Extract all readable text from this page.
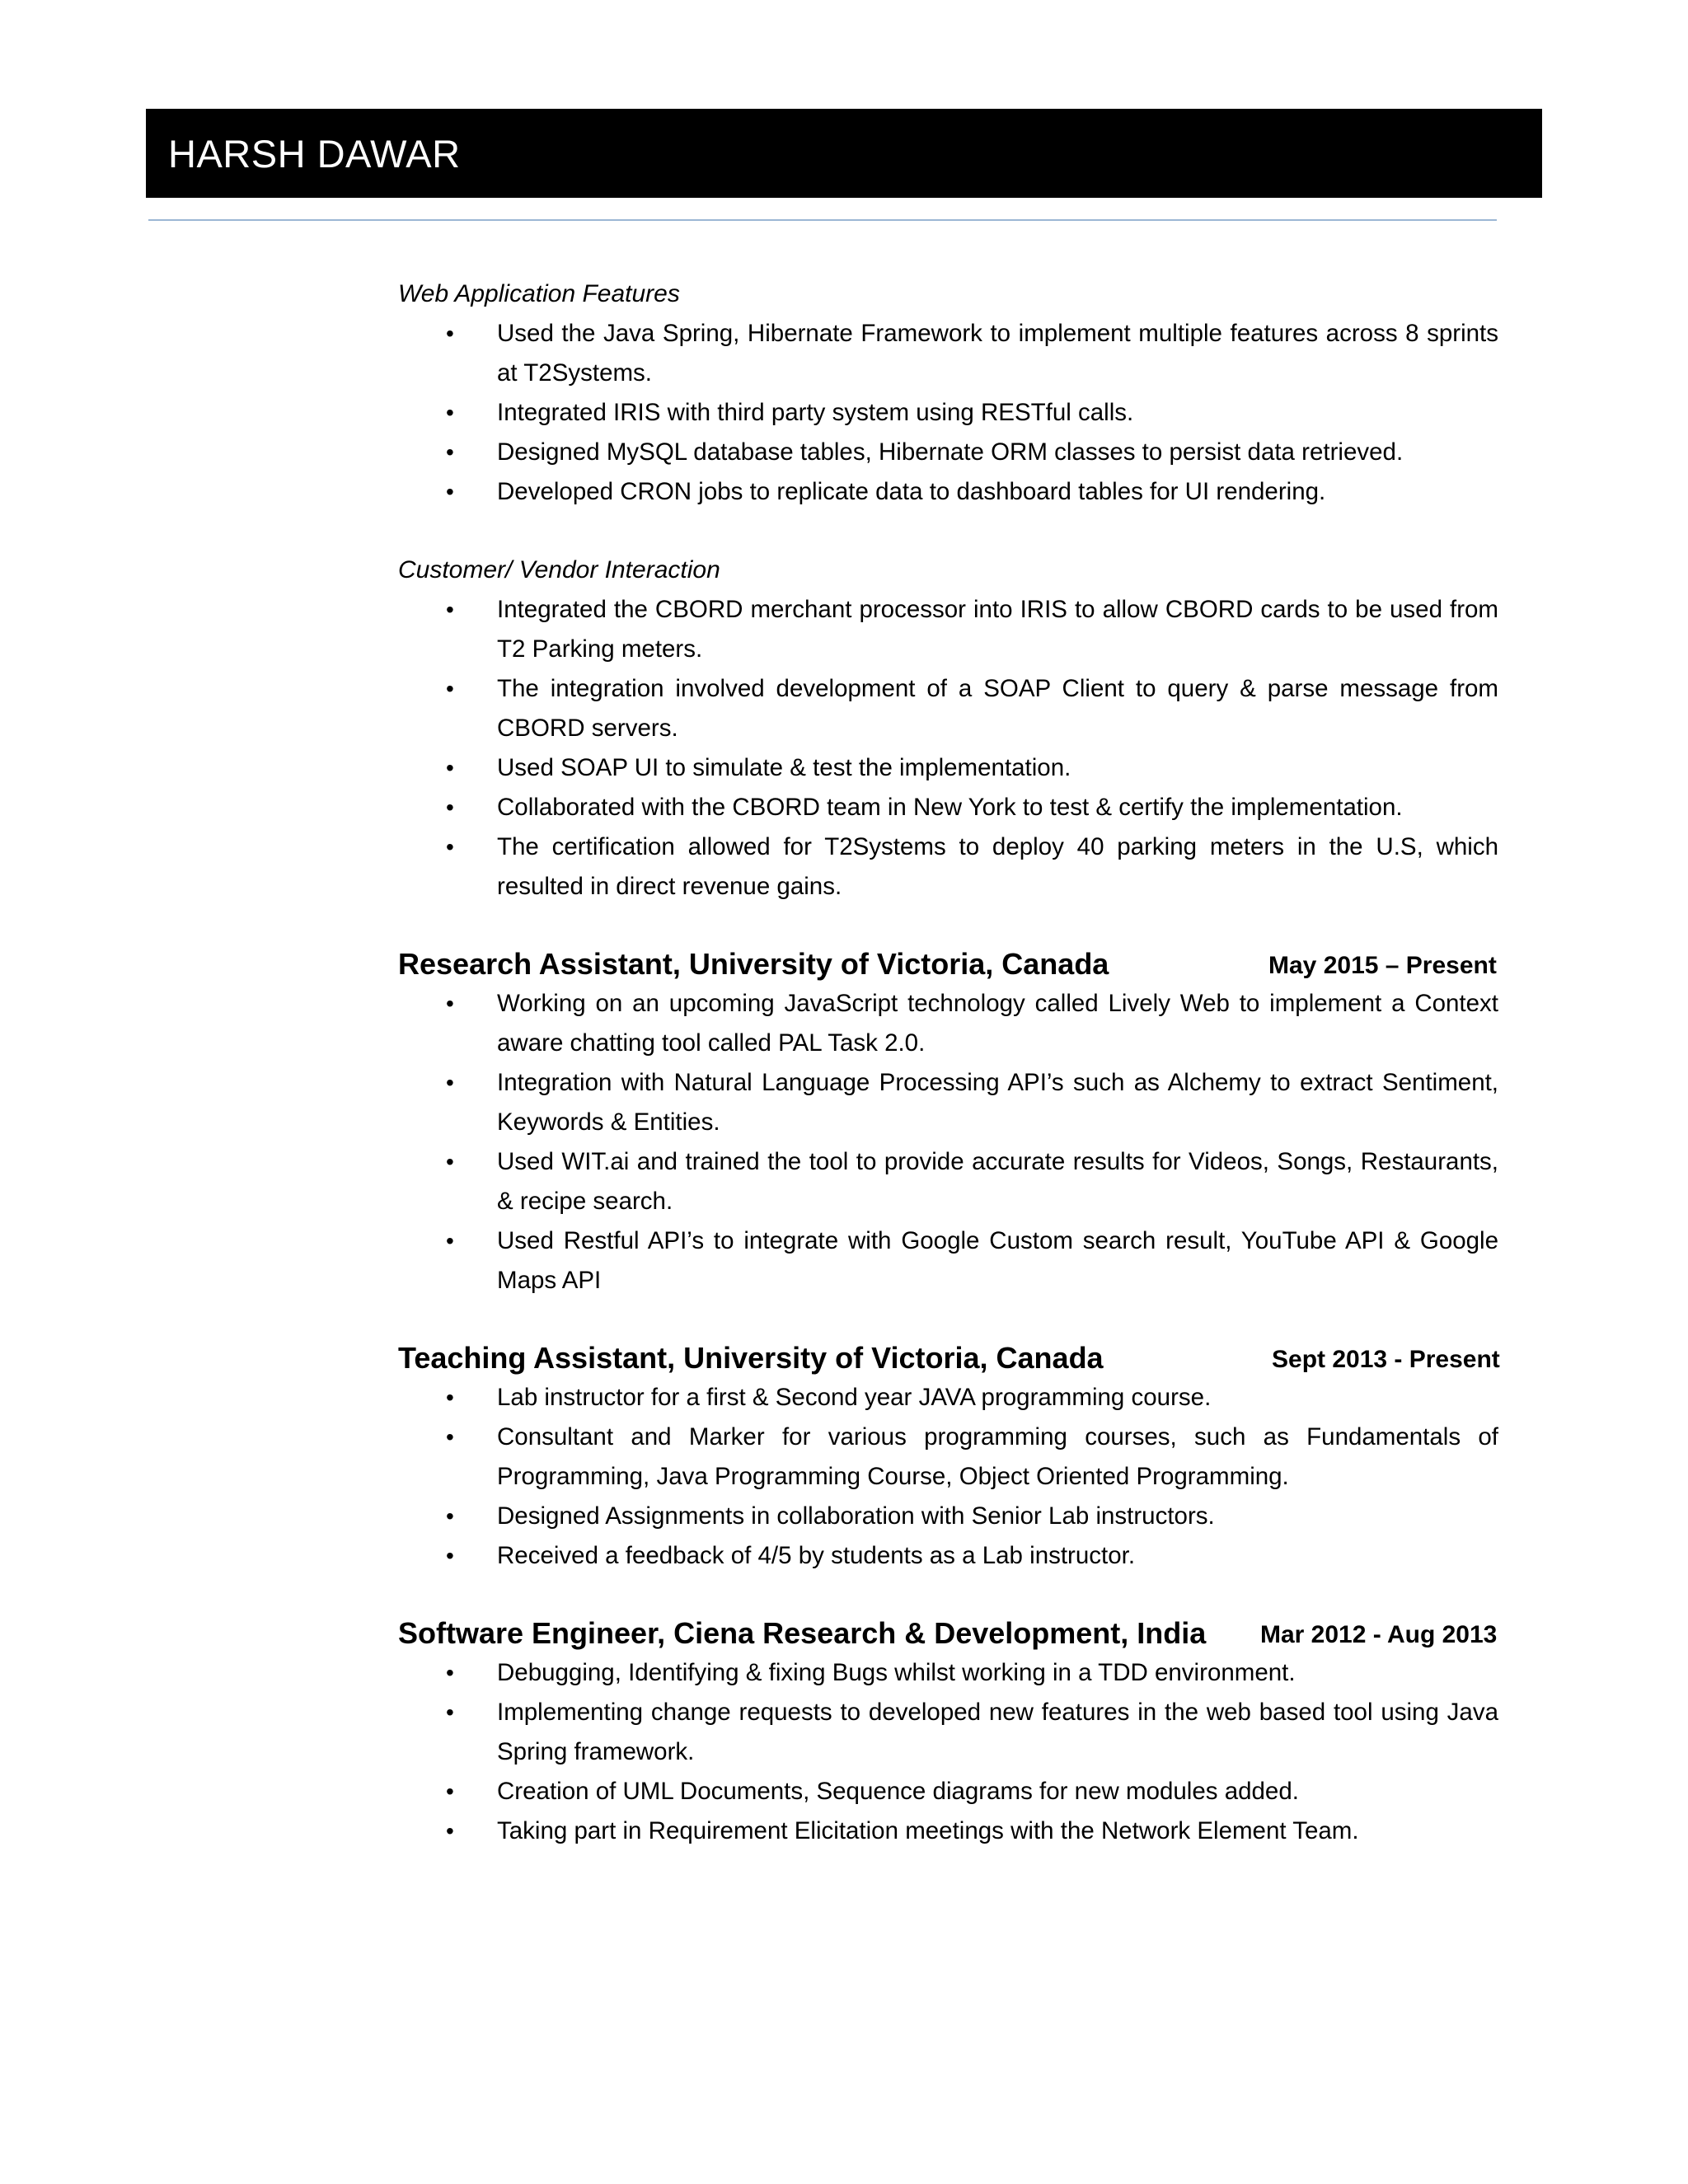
HARSH DAWAR
Web Application Features
• Used the Java Spring, Hibernate Framework to implement multiple features across 8 sprints at T2Systems.
• Integrated IRIS with third party system using RESTful calls.
• Designed MySQL database tables, Hibernate ORM classes to persist data retrieved.
• Developed CRON jobs to replicate data to dashboard tables for UI rendering.
Customer/ Vendor Interaction
• Integrated the CBORD merchant processor into IRIS to allow CBORD cards to be used from T2 Parking meters.
• The integration involved development of a SOAP Client to query & parse message from CBORD servers.
• Used SOAP UI to simulate & test the implementation.
• Collaborated with the CBORD team in New York to test & certify the implementation.
• The certification allowed for T2Systems to deploy 40 parking meters in the U.S, which resulted in direct revenue gains.
Research Assistant, University of Victoria, Canada	May 2015 – Present
• Working on an upcoming JavaScript technology called Lively Web to implement a Context aware chatting tool called PAL Task 2.0.
• Integration with Natural Language Processing API’s such as Alchemy to extract Sentiment, Keywords & Entities.
• Used WIT.ai and trained the tool to provide accurate results for Videos, Songs, Restaurants, & recipe search.
• Used Restful API’s to integrate with Google Custom search result, YouTube API & Google Maps API
Teaching Assistant, University of Victoria, Canada	Sept 2013 - Present
• Lab instructor for a first & Second year JAVA programming course.
• Consultant and Marker for various programming courses, such as Fundamentals of Programming, Java Programming Course, Object Oriented Programming.
• Designed Assignments in collaboration with Senior Lab instructors.
• Received a feedback of 4/5 by students as a Lab instructor.
Software Engineer, Ciena Research & Development, India Mar 2012 - Aug 2013
• Debugging, Identifying & fixing Bugs whilst working in a TDD environment.
• Implementing change requests to developed new features in the web based tool using Java Spring framework.
• Creation of UML Documents, Sequence diagrams for new modules added.
• Taking part in Requirement Elicitation meetings with the Network Element Team.
